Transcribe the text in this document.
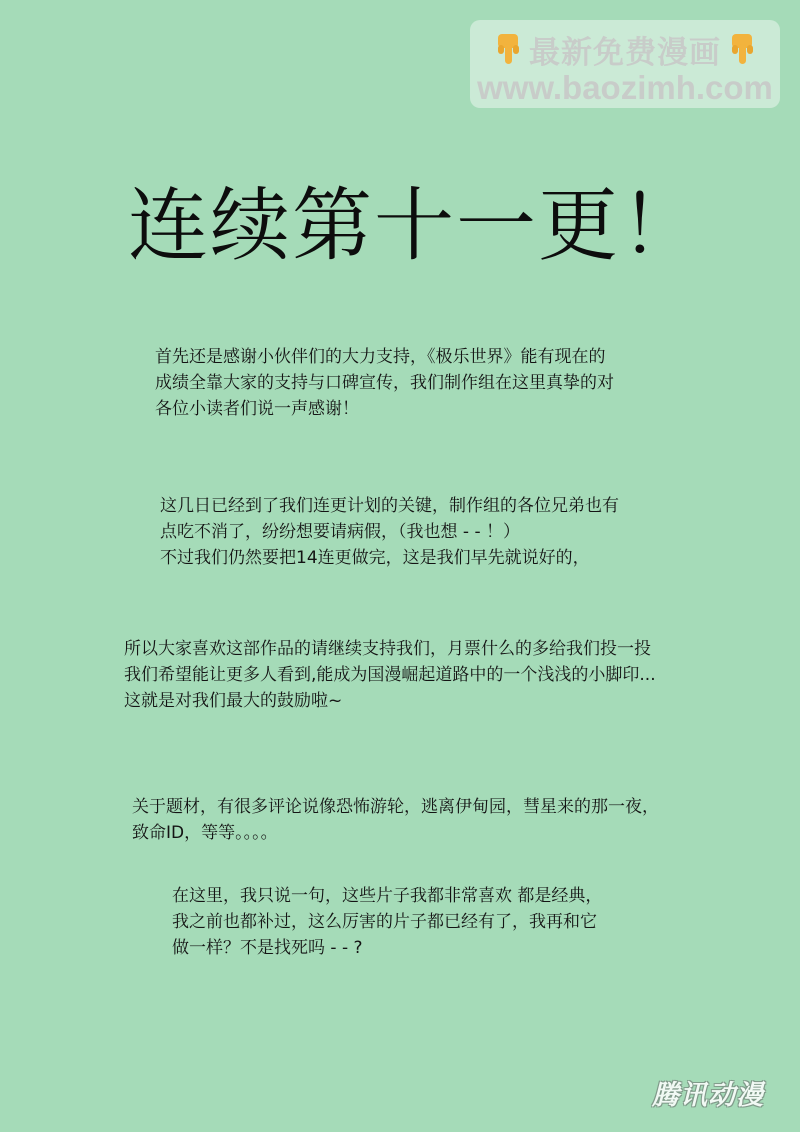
最新免费漫画
www.baozimh.com
连续第十一更！
首先还是感谢小伙伴们的大力支持，《极乐世界》能有现在的
成绩全靠大家的支持与口碑宣传，我们制作组在这里真挚的对
各位小读者们说一声感谢！
这几日已经到了我们连更计划的关键，制作组的各位兄弟也有
点吃不消了，纷纷想要请病假，（我也想 - - ！）
不过我们仍然要把14连更做完，这是我们早先就说好的，
所以大家喜欢这部作品的请继续支持我们，月票什么的多给我们投一投
我们希望能让更多人看到,能成为国漫崛起道路中的一个浅浅的小脚印...
这就是对我们最大的鼓励啦~
关于题材，有很多评论说像恐怖游轮，逃离伊甸园，彗星来的那一夜，
致命ID，等等。。。。
在这里，我只说一句，这些片子我都非常喜欢 都是经典，
我之前也都补过，这么厉害的片子都已经有了，我再和它
做一样？不是找死吗 - - ?
腾讯动漫
